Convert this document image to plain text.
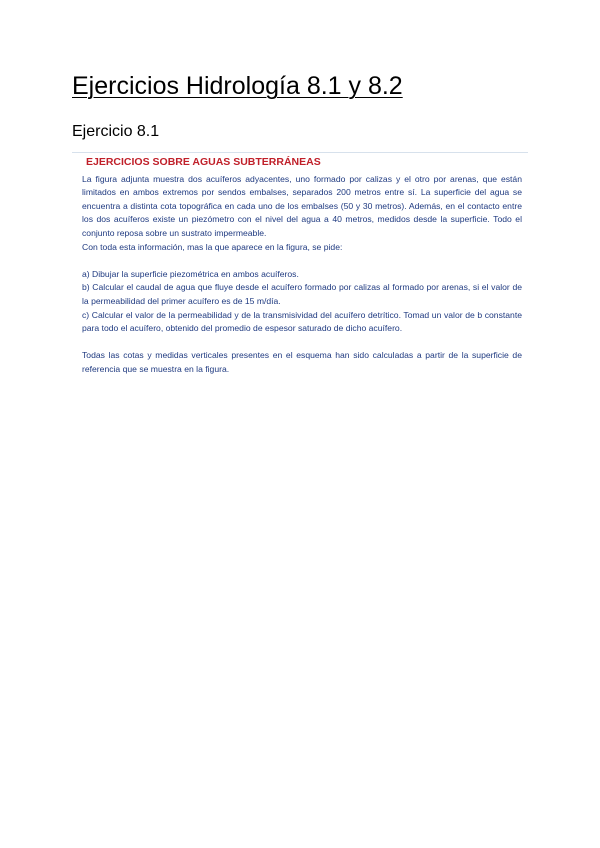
Ejercicios Hidrología 8.1 y 8.2
Ejercicio 8.1
EJERCICIOS SOBRE AGUAS SUBTERRÁNEAS

La figura adjunta muestra dos acuíferos adyacentes, uno formado por calizas y el otro por arenas, que están limitados en ambos extremos por sendos embalses, separados 200 metros entre sí. La superficie del agua se encuentra a distinta cota topográfica en cada uno de los embalses (50 y 30 metros). Además, en el contacto entre los dos acuíferos existe un piezómetro con el nivel del agua a 40 metros, medidos desde la superficie. Todo el conjunto reposa sobre un sustrato impermeable.

Con toda esta información, mas la que aparece en la figura, se pide:

a) Dibujar la superficie piezométrica en ambos acuíferos.

b) Calcular el caudal de agua que fluye desde el acuífero formado por calizas al formado por arenas, si el valor de la permeabilidad del primer acuífero es de 15 m/día.

c) Calcular el valor de la permeabilidad y de la transmisividad del acuífero detrítico. Tomad un valor de b constante para todo el acuífero, obtenido del promedio de espesor saturado de dicho acuífero.

Todas las cotas y medidas verticales presentes en el esquema han sido calculadas a partir de la superficie de referencia que se muestra en la figura.
